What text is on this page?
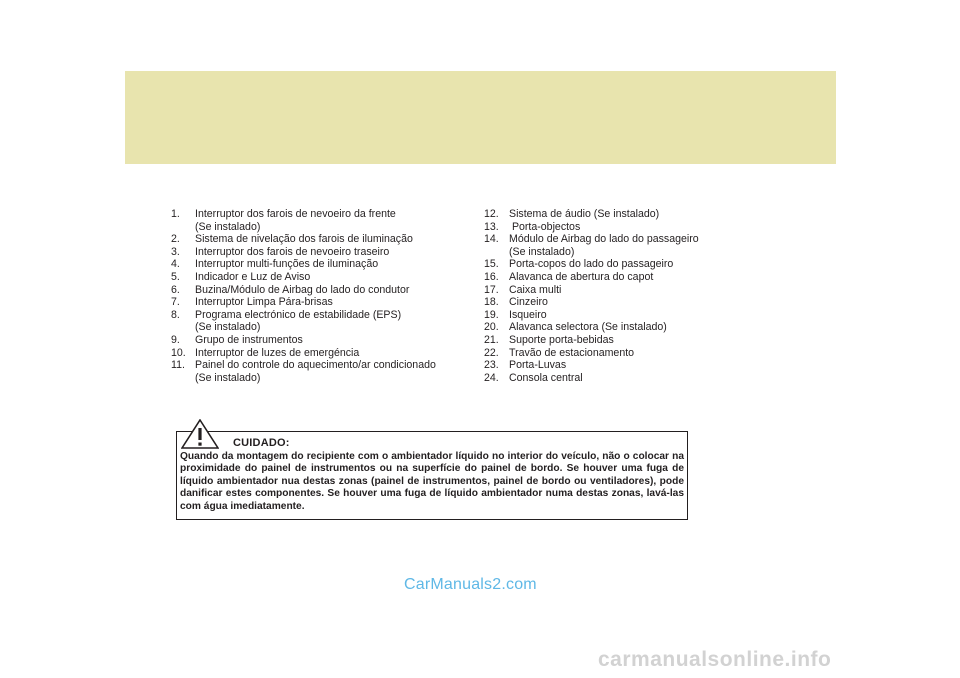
1.	Interruptor dos farois de nevoeiro da frente
(Se instalado)
2.	Sistema de nivelação dos farois de iluminação
3.	Interruptor dos farois de nevoeiro traseiro
4.	Interruptor multi-funções de iluminação
5.	Indicador e Luz de Aviso
6.	Buzina/Módulo de Airbag do lado do condutor
7.	Interruptor Limpa Pára-brisas
8.	Programa electrónico de estabilidade (EPS)
(Se instalado)
9.	Grupo de instrumentos
10. Interruptor de luzes de emergéncia
11. Painel do controle do aquecimento/ar condicionado
(Se instalado)
12. Sistema de áudio (Se instalado)
13. Porta-objectos
14. Módulo de Airbag do lado do passageiro
(Se instalado)
15. Porta-copos do lado do passageiro
16. Alavanca de abertura do capot
17. Caixa multi
18. Cinzeiro
19. Isqueiro
20. Alavanca selectora (Se instalado)
21. Suporte porta-bebidas
22. Travão de estacionamento
23. Porta-Luvas
24. Consola central
CUIDADO:
Quando da montagem do recipiente com o ambientador líquido no interior do veículo, não o colocar na proximidade do painel de instrumentos ou na superfície do painel de bordo. Se houver uma fuga de líquido ambientador nua destas zonas (painel de instrumentos, painel de bordo ou ventiladores), pode danificar estes componentes. Se houver uma fuga de líquido ambientador numa destas zonas, lavá-las com água imediatamente.
CarManuals2.com
carmanualsonline.info
